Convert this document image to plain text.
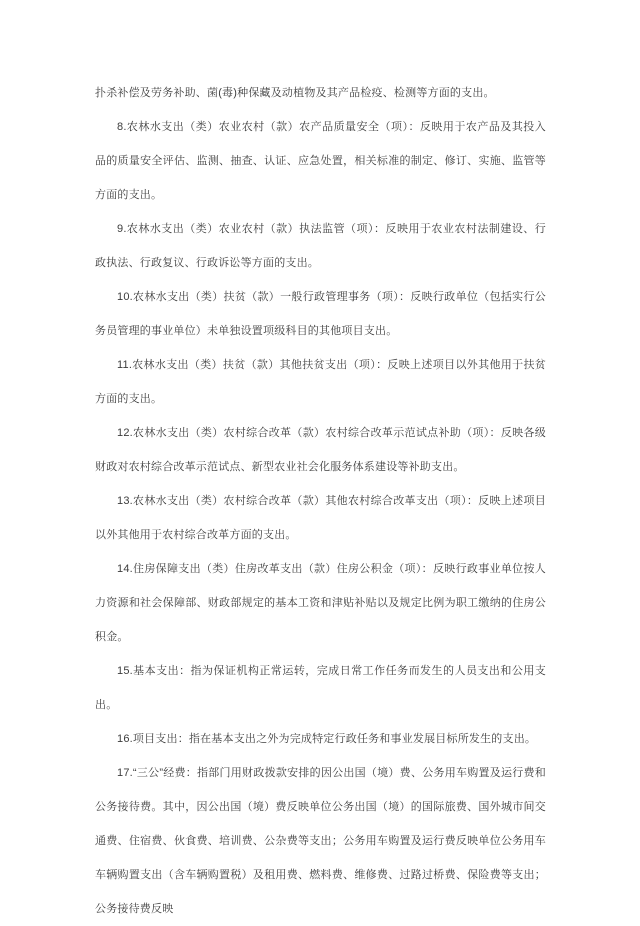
扑杀补偿及劳务补助、菌(毒)种保藏及动植物及其产品检疫、检测等方面的支出。

8.农林水支出（类）农业农村（款）农产品质量安全（项）：反映用于农产品及其投入品的质量安全评估、监测、抽查、认证、应急处置，相关标准的制定、修订、实施、监管等方面的支出。

9.农林水支出（类）农业农村（款）执法监管（项）：反映用于农业农村法制建设、行政执法、行政复议、行政诉讼等方面的支出。

10.农林水支出（类）扶贫（款）一般行政管理事务（项）：反映行政单位（包括实行公务员管理的事业单位）未单独设置项级科目的其他项目支出。

11.农林水支出（类）扶贫（款）其他扶贫支出（项）：反映上述项目以外其他用于扶贫方面的支出。

12.农林水支出（类）农村综合改革（款）农村综合改革示范试点补助（项）：反映各级财政对农村综合改革示范试点、新型农业社会化服务体系建设等补助支出。

13.农林水支出（类）农村综合改革（款）其他农村综合改革支出（项）：反映上述项目以外其他用于农村综合改革方面的支出。

14.住房保障支出（类）住房改革支出（款）住房公积金（项）：反映行政事业单位按人力资源和社会保障部、财政部规定的基本工资和津贴补贴以及规定比例为职工缴纳的住房公积金。

15.基本支出：指为保证机构正常运转，完成日常工作任务而发生的人员支出和公用支出。

16.项目支出：指在基本支出之外为完成特定行政任务和事业发展目标所发生的支出。

17.“三公”经费：指部门用财政拨款安排的因公出国（境）费、公务用车购置及运行费和公务接待费。其中，因公出国（境）费反映单位公务出国（境）的国际旅费、国外城市间交通费、住宿费、伙食费、培训费、公杂费等支出；公务用车购置及运行费反映单位公务用车车辆购置支出（含车辆购置税）及租用费、燃料费、维修费、过路过桥费、保险费等支出；公务接待费反映
